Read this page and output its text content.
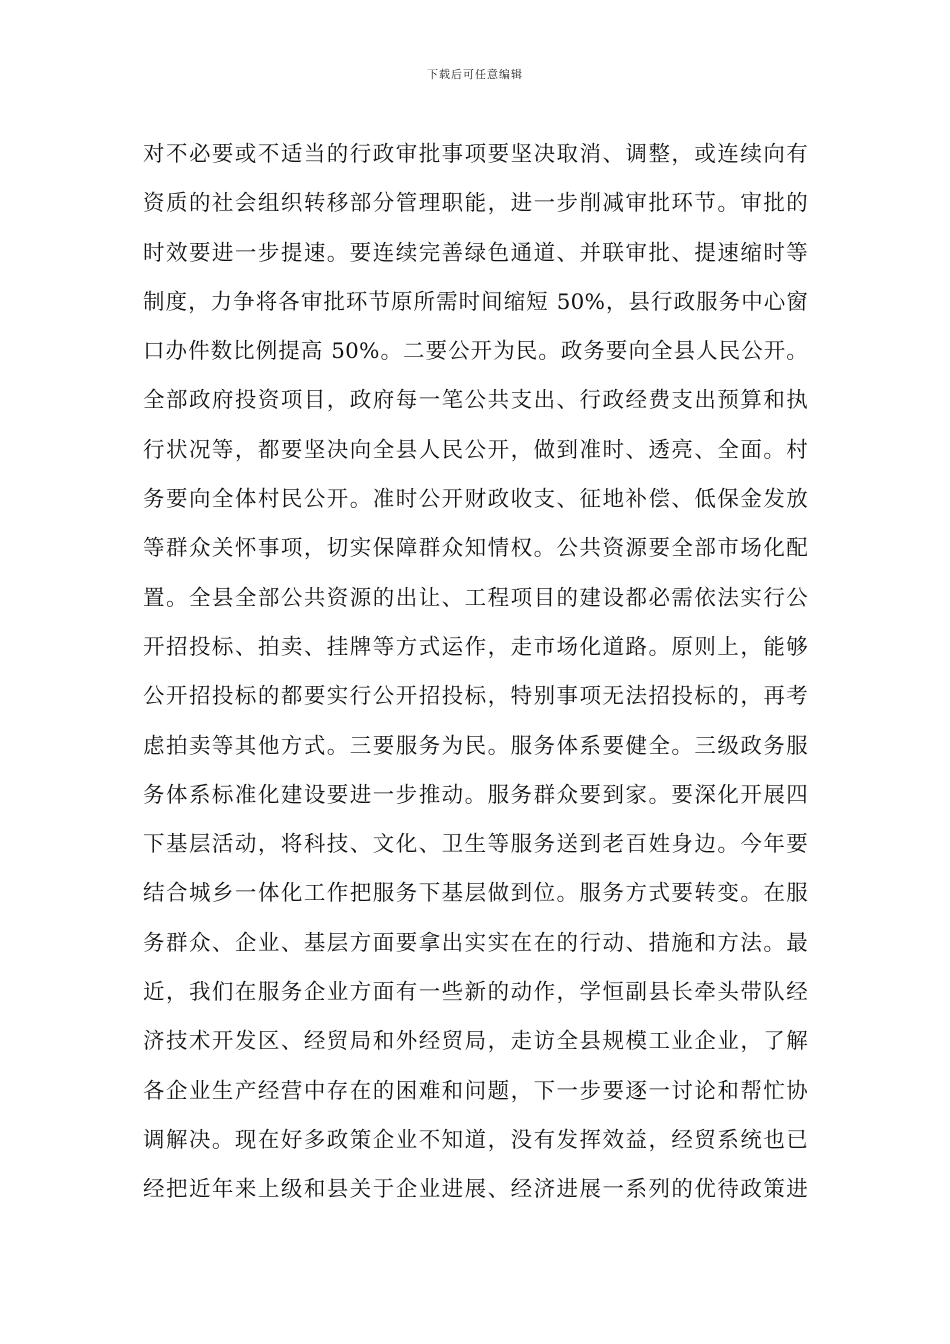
下载后可任意编辑
对不必要或不适当的行政审批事项要坚决取消、调整，或连续向有
资质的社会组织转移部分管理职能，进一步削减审批环节。审批的
时效要进一步提速。要连续完善绿色通道、并联审批、提速缩时等
制度，力争将各审批环节原所需时间缩短 50%，县行政服务中心窗
口办件数比例提高 50%。二要公开为民。政务要向全县人民公开。
全部政府投资项目，政府每一笔公共支出、行政经费支出预算和执
行状况等，都要坚决向全县人民公开，做到准时、透亮、全面。村
务要向全体村民公开。准时公开财政收支、征地补偿、低保金发放
等群众关怀事项，切实保障群众知情权。公共资源要全部市场化配
置。全县全部公共资源的出让、工程项目的建设都必需依法实行公
开招投标、拍卖、挂牌等方式运作，走市场化道路。原则上，能够
公开招投标的都要实行公开招投标，特别事项无法招投标的，再考
虑拍卖等其他方式。三要服务为民。服务体系要健全。三级政务服
务体系标准化建设要进一步推动。服务群众要到家。要深化开展四
下基层活动，将科技、文化、卫生等服务送到老百姓身边。今年要
结合城乡一体化工作把服务下基层做到位。服务方式要转变。在服
务群众、企业、基层方面要拿出实实在在的行动、措施和方法。最
近，我们在服务企业方面有一些新的动作，学恒副县长牵头带队经
济技术开发区、经贸局和外经贸局，走访全县规模工业企业，了解
各企业生产经营中存在的困难和问题，下一步要逐一讨论和帮忙协
调解决。现在好多政策企业不知道，没有发挥效益，经贸系统也已
经把近年来上级和县关于企业进展、经济进展一系列的优待政策进
